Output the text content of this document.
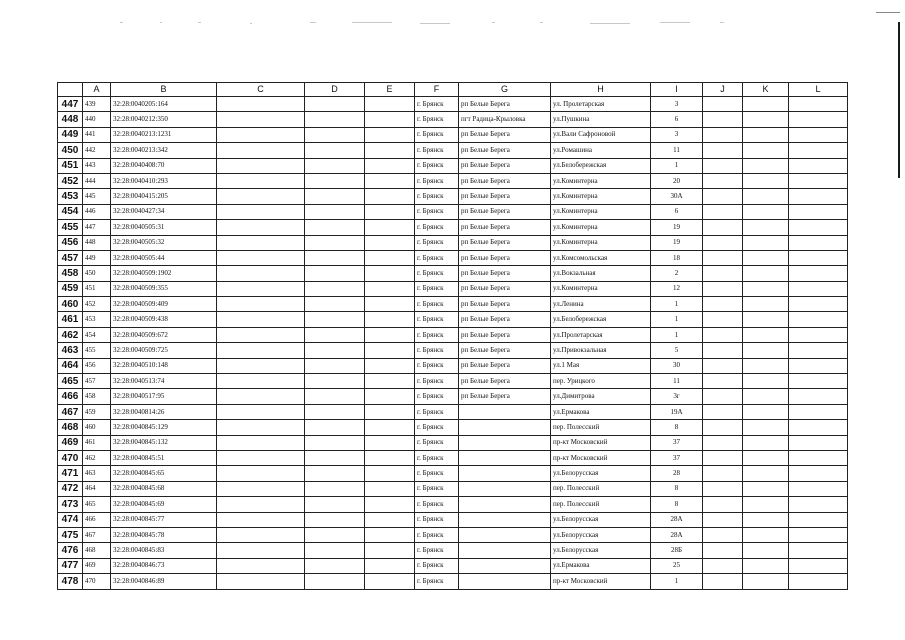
	A	B	C	D	E	F	G	H	I	J	K	L
447	439	32:28:0040205:164				г. Брянск	рп Белые Берега	ул. Пролетарская	3			
448	440	32:28:0040212:350				г. Брянск	пгт Радица-Крыловка	ул.Пушкина	6			
449	441	32:28:0040213:1231				г. Брянск	рп Белые Берега	ул.Вали Сафроновой	3			
450	442	32:28:0040213:342				г. Брянск	рп Белые Берега	ул.Ромашина	11			
451	443	32:28:0040408:70				г. Брянск	рп Белые Берега	ул.Белобережская	1			
452	444	32:28:0040410:293				г. Брянск	рп Белые Берега	ул.Коминтерна	20			
453	445	32:28:0040415:205				г. Брянск	рп Белые Берега	ул.Коминтерна	30А			
454	446	32:28:0040427:34				г. Брянск	рп Белые Берега	ул.Коминтерна	6			
455	447	32:28:0040505:31				г. Брянск	рп Белые Берега	ул.Коминтерна	19			
456	448	32:28:0040505:32				г. Брянск	рп Белые Берега	ул.Коминтерна	19			
457	449	32:28:0040505:44				г. Брянск	рп Белые Берега	ул.Комсомольская	18			
458	450	32:28:0040509:1902				г. Брянск	рп Белые Берега	ул.Вокзальная	2			
459	451	32:28:0040509:355				г. Брянск	рп Белые Берега	ул.Коминтерна	12			
460	452	32:28:0040509:409				г. Брянск	рп Белые Берега	ул.Ленина	1			
461	453	32:28:0040509:438				г. Брянск	рп Белые Берега	ул.Белобережская	1			
462	454	32:28:0040509:672				г. Брянск	рп Белые Берега	ул.Пролетарская	1			
463	455	32:28:0040509:725				г. Брянск	рп Белые Берега	ул.Привокзальная	5			
464	456	32:28:0040510:148				г. Брянск	рп Белые Берега	ул.1 Мая	30			
465	457	32:28:0040513:74				г. Брянск	рп Белые Берега	пер. Урицкого	11			
466	458	32:28:0040517:95				г. Брянск	рп Белые Берега	ул.Димитрова	3г			
467	459	32:28:0040814:26				г. Брянск		ул.Ермакова	19А			
468	460	32:28:0040845:129				г. Брянск		пер. Полесский	8			
469	461	32:28:0040845:132				г. Брянск		пр-кт Московский	37			
470	462	32:28:0040845:51				г. Брянск		пр-кт Московский	37			
471	463	32:28:0040845:65				г. Брянск		ул.Белорусская	28			
472	464	32:28:0040845:68				г. Брянск		пер. Полесский	8			
473	465	32:28:0040845:69				г. Брянск		пер. Полесский	8			
474	466	32:28:0040845:77				г. Брянск		ул.Белорусская	28А			
475	467	32:28:0040845:78				г. Брянск		ул.Белорусская	28А			
476	468	32:28:0040845:83				г. Брянск		ул.Белорусская	28Б			
477	469	32:28:0040846:73				г. Брянск		ул.Ермакова	25			
478	470	32:28:0040846:89				г. Брянск		пр-кт Московский	1			
